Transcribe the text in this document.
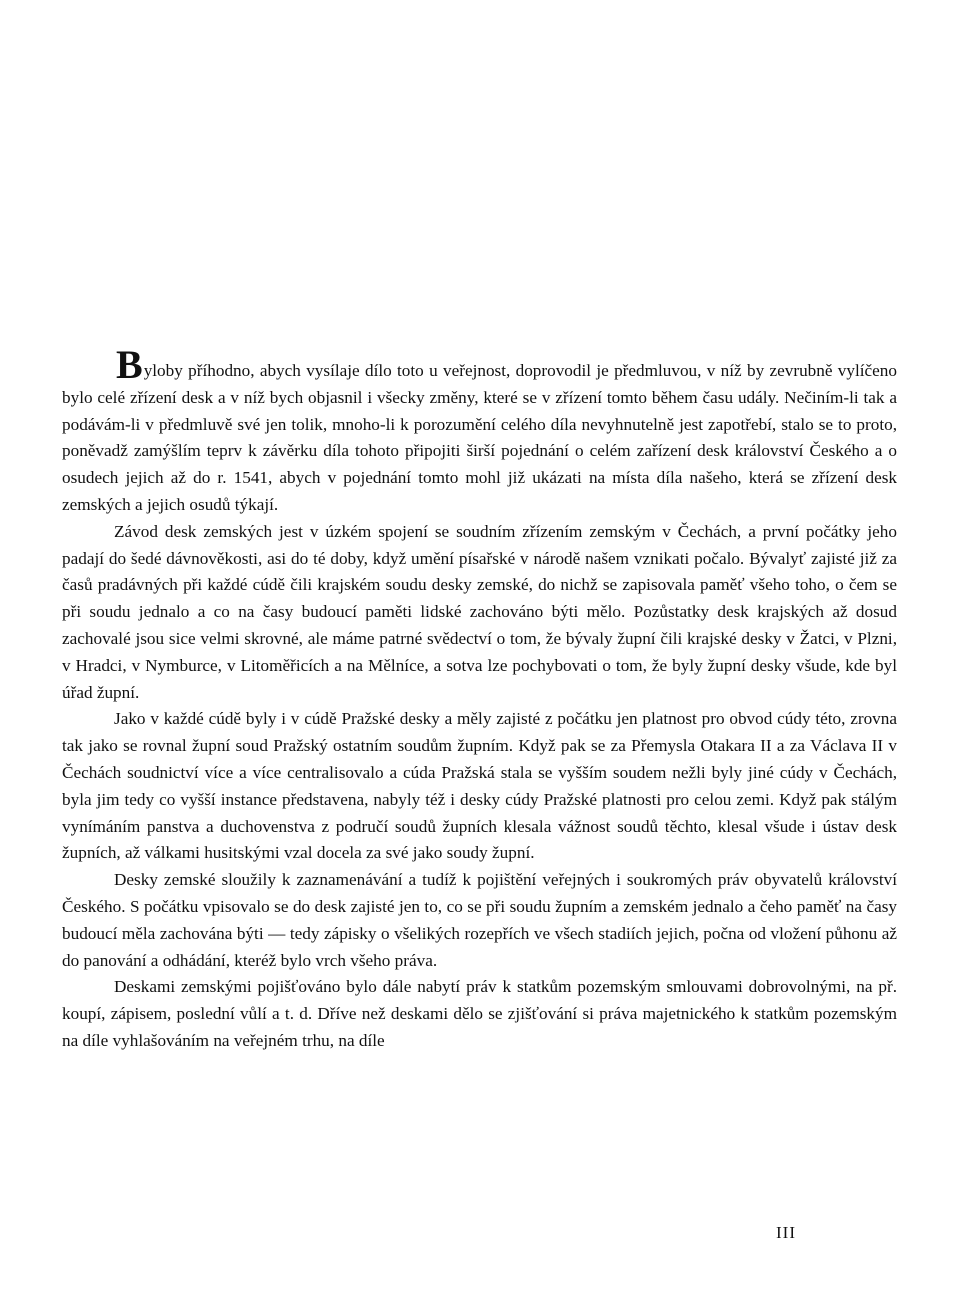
Byloby příhodno, abych vysílaje dílo toto u veřejnost, doprovodil je předmluvou, v níž by zevrubně vylíčeno bylo celé zřízení desk a v níž bych objasnil i všecky změny, které se v zřízení tomto během času udály. Nečiním-li tak a podávám-li v předmluvě své jen tolik, mnoho-li k porozumění celého díla nevyhnutelně jest zapotřebí, stalo se to proto, poněvadž zamýšlím teprv k závěrku díla tohoto připojiti širší pojednání o celém zařízení desk království Českého a o osudech jejich až do r. 1541, abych v pojednání tomto mohl již ukázati na místa díla našeho, která se zřízení desk zemských a jejich osudů týkají.

Závod desk zemských jest v úzkém spojení se soudním zřízením zemským v Čechách, a první počátky jeho padají do šedé dávnověkosti, asi do té doby, když umění písařské v národě našem vznikati počalo. Bývalyť zajisté již za časů pradávných při každé cúdě čili krajském soudu desky zemské, do nichž se zapisovala paměť všeho toho, o čem se při soudu jednalo a co na časy budoucí paměti lidské zachováno býti mělo. Pozůstatky desk krajských až dosud zachovalé jsou sice velmi skrovné, ale máme patrné svědectví o tom, že bývaly župní čili krajské desky v Žatci, v Plzni, v Hradci, v Nymburce, v Litoměřicích a na Mělníce, a sotva lze pochybovati o tom, že byly župní desky všude, kde byl úřad župní.

Jako v každé cúdě byly i v cúdě Pražské desky a měly zajisté z počátku jen platnost pro obvod cúdy této, zrovna tak jako se rovnal župní soud Pražský ostatním soudům župním. Když pak se za Přemysla Otakara II a za Václava II v Čechách soudnictví více a více centralisovalo a cúda Pražská stala se vyšším soudem nežli byly jiné cúdy v Čechách, byla jim tedy co vyšší instance představena, nabyly též i desky cúdy Pražské platnosti pro celou zemi. Když pak stálým vynímáním panstva a duchovenstva z područí soudů župních klesala vážnost soudů těchto, klesal všude i ústav desk župních, až válkami husitskými vzal docela za své jako soudy župní.

Desky zemské sloužily k zaznamenávání a tudíž k pojištění veřejných i soukromých práv obyvatelů království Českého. S počátku vpisovalo se do desk zajisté jen to, co se při soudu župním a zemském jednalo a čeho paměť na časy budoucí měla zachována býti — tedy zápisky o všelikých rozepřích ve všech stadiích jejich, počna od vložení půhonu až do panování a odhádání, kteréž bylo vrch všeho práva.

Deskami zemskými pojišťováno bylo dále nabytí práv k statkům pozemským smlouvami dobrovolnými, na př. koupí, zápisem, poslední vůlí a t. d. Dříve než deskami dělo se zjišťování si práva majetnického k statkům pozemským na díle vyhlašováním na veřejném trhu, na díle

III
